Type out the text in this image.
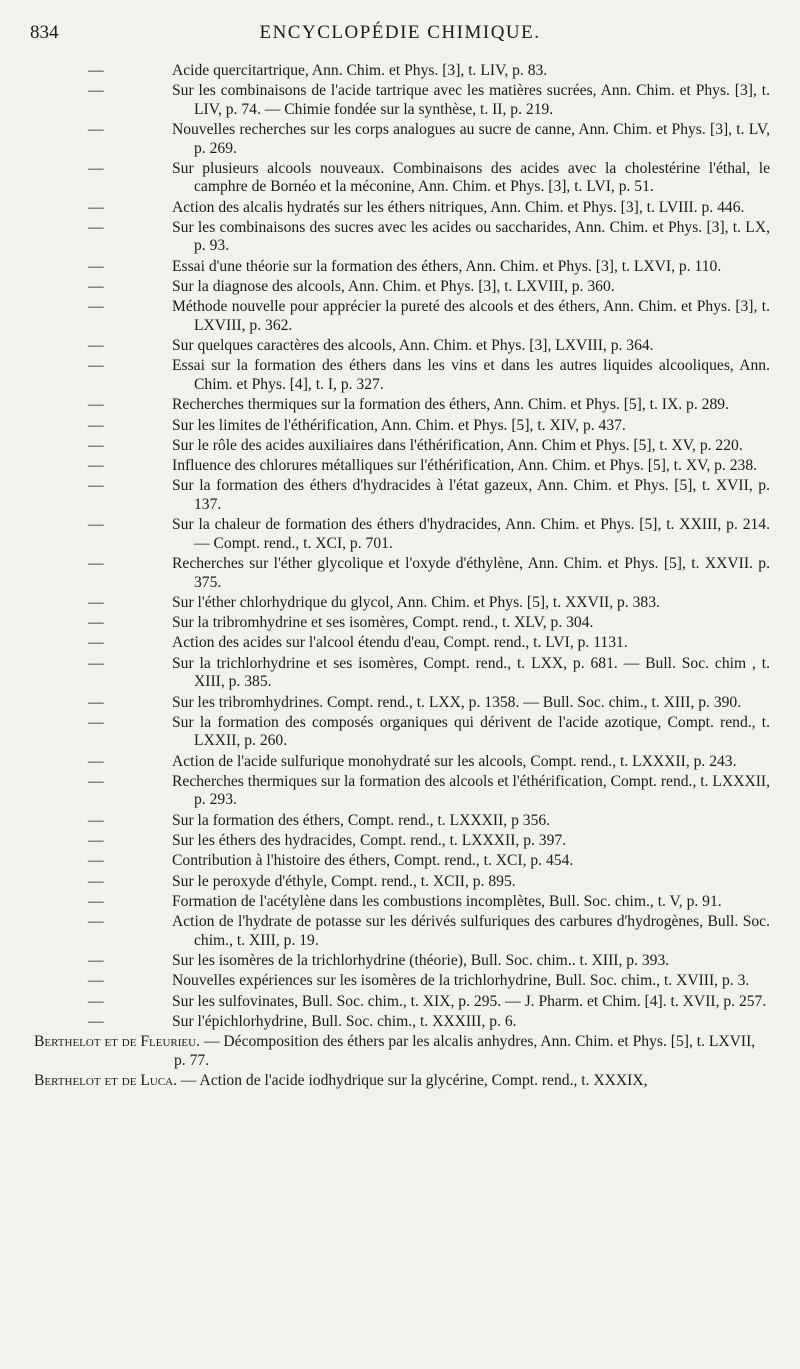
834	ENCYCLOPÉDIE CHIMIQUE.
—	Acide quercitartrique, Ann. Chim. et Phys. [3], t. LIV, p. 83.
—	Sur les combinaisons de l'acide tartrique avec les matières sucrées, Ann. Chim. et Phys. [3], t. LIV, p. 74. — Chimie fondée sur la synthèse, t. II, p. 219.
—	Nouvelles recherches sur les corps analogues au sucre de canne, Ann. Chim. et Phys. [3], t. LV, p. 269.
—	Sur plusieurs alcools nouveaux. Combinaisons des acides avec la cholestérine l'éthal, le camphre de Bornéo et la méconine, Ann. Chim. et Phys. [3], t. LVI, p. 51.
—	Action des alcalis hydratés sur les éthers nitriques, Ann. Chim. et Phys. [3], t. LVIII. p. 446.
—	Sur les combinaisons des sucres avec les acides ou saccharides, Ann. Chim. et Phys. [3], t. LX, p. 93.
—	Essai d'une théorie sur la formation des éthers, Ann. Chim. et Phys. [3], t. LXVI, p. 110.
—	Sur la diagnose des alcools, Ann. Chim. et Phys. [3], t. LXVIII, p. 360.
—	Méthode nouvelle pour apprécier la pureté des alcools et des éthers, Ann. Chim. et Phys. [3], t. LXVIII, p. 362.
—	Sur quelques caractères des alcools, Ann. Chim. et Phys. [3], LXVIII, p. 364.
—	Essai sur la formation des éthers dans les vins et dans les autres liquides alcooliques, Ann. Chim. et Phys. [4], t. I, p. 327.
—	Recherches thermiques sur la formation des éthers, Ann. Chim. et Phys. [5], t. IX. p. 289.
—	Sur les limites de l'éthérification, Ann. Chim. et Phys. [5], t. XIV, p. 437.
—	Sur le rôle des acides auxiliaires dans l'éthérification, Ann. Chim et Phys. [5], t. XV, p. 220.
—	Influence des chlorures métalliques sur l'éthérification, Ann. Chim. et Phys. [5], t. XV, p. 238.
—	Sur la formation des éthers d'hydracides à l'état gazeux, Ann. Chim. et Phys. [5], t. XVII, p. 137.
—	Sur la chaleur de formation des éthers d'hydracides, Ann. Chim. et Phys. [5], t. XXIII, p. 214. — Compt. rend., t. XCI, p. 701.
—	Recherches sur l'éther glycolique et l'oxyde d'éthylène, Ann. Chim. et Phys. [5], t. XXVII. p. 375.
—	Sur l'éther chlorhydrique du glycol, Ann. Chim. et Phys. [5], t. XXVII, p. 383.
—	Sur la tribromhydrine et ses isomères, Compt. rend., t. XLV, p. 304.
—	Action des acides sur l'alcool étendu d'eau, Compt. rend., t. LVI, p. 1131.
—	Sur la trichlorhydrine et ses isomères, Compt. rend., t. LXX, p. 681. — Bull. Soc. chim , t. XIII, p. 385.
—	Sur les tribromhydrines. Compt. rend., t. LXX, p. 1358. — Bull. Soc. chim., t. XIII, p. 390.
—	Sur la formation des composés organiques qui dérivent de l'acide azotique, Compt. rend., t. LXXII, p. 260.
—	Action de l'acide sulfurique monohydraté sur les alcools, Compt. rend., t. LXXXII, p. 243.
—	Recherches thermiques sur la formation des alcools et l'éthérification, Compt. rend., t. LXXXII, p. 293.
—	Sur la formation des éthers, Compt. rend., t. LXXXII, p 356.
—	Sur les éthers des hydracides, Compt. rend., t. LXXXII, p. 397.
—	Contribution à l'histoire des éthers, Compt. rend., t. XCI, p. 454.
—	Sur le peroxyde d'éthyle, Compt. rend., t. XCII, p. 895.
—	Formation de l'acétylène dans les combustions incomplètes, Bull. Soc. chim., t. V, p. 91.
—	Action de l'hydrate de potasse sur les dérivés sulfuriques des carbures d'hydrogènes, Bull. Soc. chim., t. XIII, p. 19.
—	Sur les isomères de la trichlorhydrine (théorie), Bull. Soc. chim.. t. XIII, p. 393.
—	Nouvelles expériences sur les isomères de la trichlorhydrine, Bull. Soc. chim., t. XVIII, p. 3.
—	Sur les sulfovinates, Bull. Soc. chim., t. XIX, p. 295. — J. Pharm. et Chim. [4]. t. XVII, p. 257.
—	Sur l'épichlorhydrine, Bull. Soc. chim., t. XXXIII, p. 6.
Berthelot et de Fleurieu. — Décomposition des éthers par les alcalis anhydres, Ann. Chim. et Phys. [5], t. LXVII, p. 77.
Berthelot et de Luca. — Action de l'acide iodhydrique sur la glycérine, Compt. rend., t. XXXIX,
